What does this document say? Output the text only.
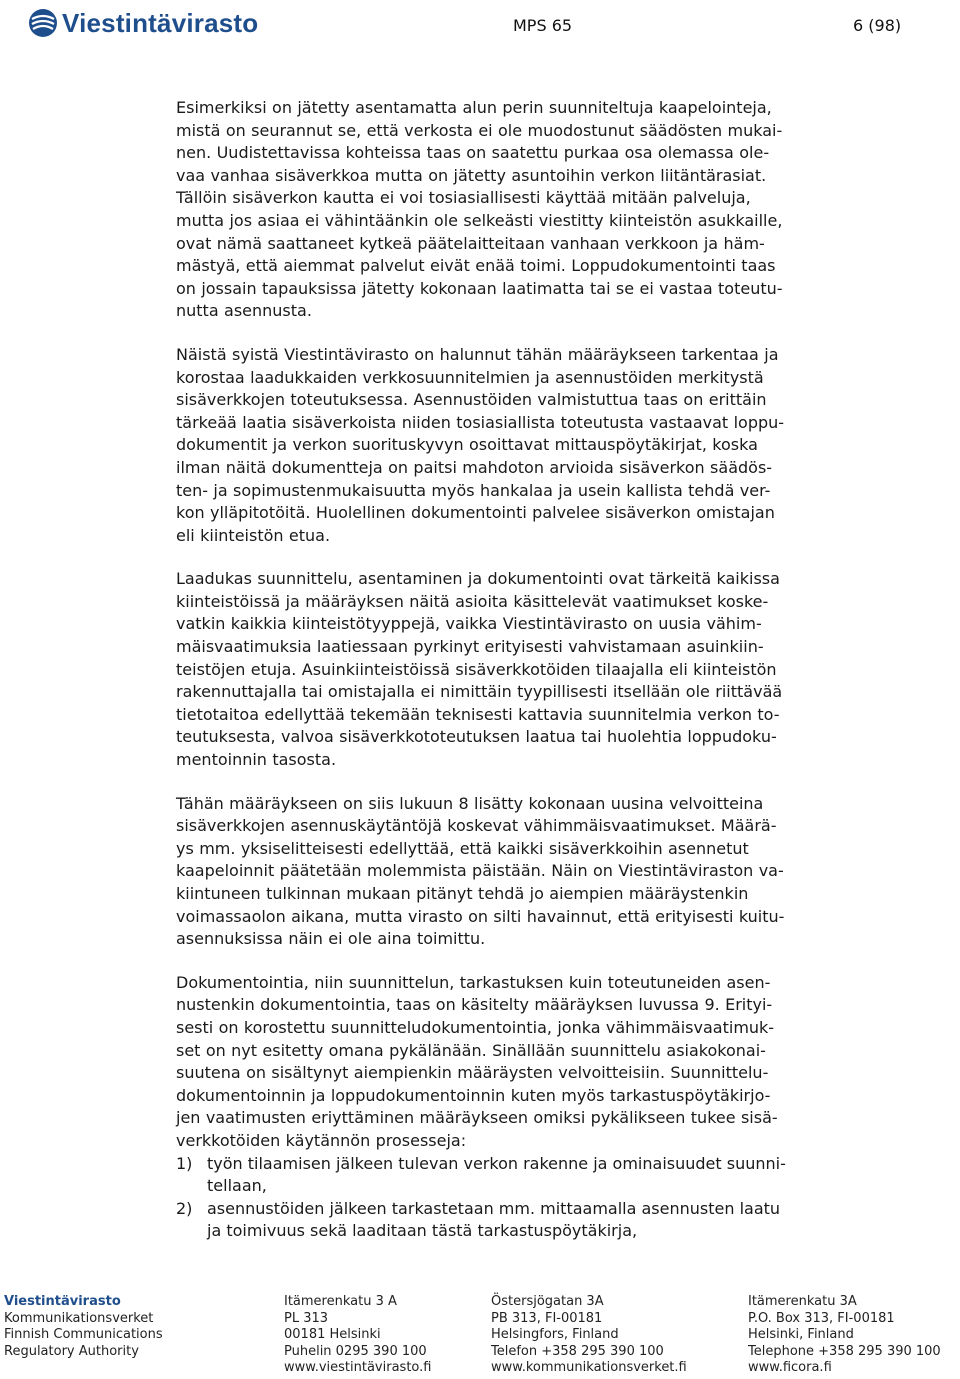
Viestintävirasto	MPS 65	6 (98)

Esimerkiksi on jätetty asentamatta alun perin suunniteltuja kaapelointeja,
mistä on seurannut se, että verkosta ei ole muodostunut säädösten mukai-
nen. Uudistettavissa kohteissa taas on saatettu purkaa osa olemassa ole-
vaa vanhaa sisäverkkoa mutta on jätetty asuntoihin verkon liitäntärasiat.
Tällöin sisäverkon kautta ei voi tosiasiallisesti käyttää mitään palveluja,
mutta jos asiaa ei vähintäänkin ole selkeästi viestitty kiinteistön asukkaille,
ovat nämä saattaneet kytkeä päätelaitteitaan vanhaan verkkoon ja häm-
mästyä, että aiemmat palvelut eivät enää toimi. Loppudokumentointi taas
on jossain tapauksissa jätetty kokonaan laatimatta tai se ei vastaa toteutu-
nutta asennusta.

Näistä syistä Viestintävirasto on halunnut tähän määräykseen tarkentaa ja
korostaa laadukkaiden verkkosuunnitelmien ja asennustöiden merkitystä
sisäverkkojen toteutuksessa. Asennustöiden valmistuttua taas on erittäin
tärkeää laatia sisäverkoista niiden tosiasiallista toteutusta vastaavat loppu-
dokumentit ja verkon suorituskyvyn osoittavat mittauspöytäkirjat, koska
ilman näitä dokumentteja on paitsi mahdoton arvioida sisäverkon säädös-
ten- ja sopimustenmukaisuutta myös hankalaa ja usein kallista tehdä ver-
kon ylläpitotöitä. Huolellinen dokumentointi palvelee sisäverkon omistajan
eli kiinteistön etua.

Laadukas suunnittelu, asentaminen ja dokumentointi ovat tärkeitä kaikissa
kiinteistöissä ja määräyksen näitä asioita käsittelevät vaatimukset koske-
vatkin kaikkia kiinteistötyyppejä, vaikka Viestintävirasto on uusia vähim-
mäisvaatimuksia laatiessaan pyrkinyt erityisesti vahvistamaan asuinkiin-
teistöjen etuja. Asuinkiinteistöissä sisäverkkotöiden tilaajalla eli kiinteistön
rakennuttajalla tai omistajalla ei nimittäin tyypillisesti itsellään ole riittävää
tietotaitoa edellyttää tekemään teknisesti kattavia suunnitelmia verkon to-
teutuksesta, valvoa sisäverkkototeutuksen laatua tai huolehtia loppudoku-
mentoinnin tasosta.

Tähän määräykseen on siis lukuun 8 lisätty kokonaan uusina velvoitteina
sisäverkkojen asennuskäytäntöjä koskevat vähimmäisvaatimukset. Määrä-
ys mm. yksiselitteisesti edellyttää, että kaikki sisäverkkoihin asennetut
kaapeloinnit päätetään molemmista päistään. Näin on Viestintäviraston va-
kiintuneen tulkinnan mukaan pitänyt tehdä jo aiempien määräystenkin
voimassaolon aikana, mutta virasto on silti havainnut, että erityisesti kuitu-
asennuksissa näin ei ole aina toimittu.

Dokumentointia, niin suunnittelun, tarkastuksen kuin toteutuneiden asen-
nustenkin dokumentointia, taas on käsitelty määräyksen luvussa 9. Erityi-
sesti on korostettu suunnitteludokumentointia, jonka vähimmäisvaatimuk-
set on nyt esitetty omana pykälänään. Sinällään suunnittelu asiakokonai-
suutena on sisältynyt aiempienkin määräysten velvoitteisiin. Suunnittelu-
dokumentoinnin ja loppudokumentoinnin kuten myös tarkastuspöytäkirjo-
jen vaatimusten eriyttäminen määräykseen omiksi pykälikseen tukee sisä-
verkkotöiden käytännön prosesseja:

1) työn tilaamisen jälkeen tulevan verkon rakenne ja ominaisuudet suunni-
tellaan,
2) asennustöiden jälkeen tarkastetaan mm. mittaamalla asennusten laatu
ja toimivuus sekä laaditaan tästä tarkastuspöytäkirja,
Viestintävirasto
Kommunikationsverket
Finnish Communications
Regulatory Authority
Itämerenkatu 3 A
PL 313
00181 Helsinki
Puhelin 0295 390 100
www.viestintävirasto.fi
Östersjögatan 3A
PB 313, FI-00181
Helsingfors, Finland
Telefon +358 295 390 100
www.kommunikationsverket.fi
Itämerenkatu 3A
P.O. Box 313, FI-00181
Helsinki, Finland
Telephone +358 295 390 100
www.ficora.fi
